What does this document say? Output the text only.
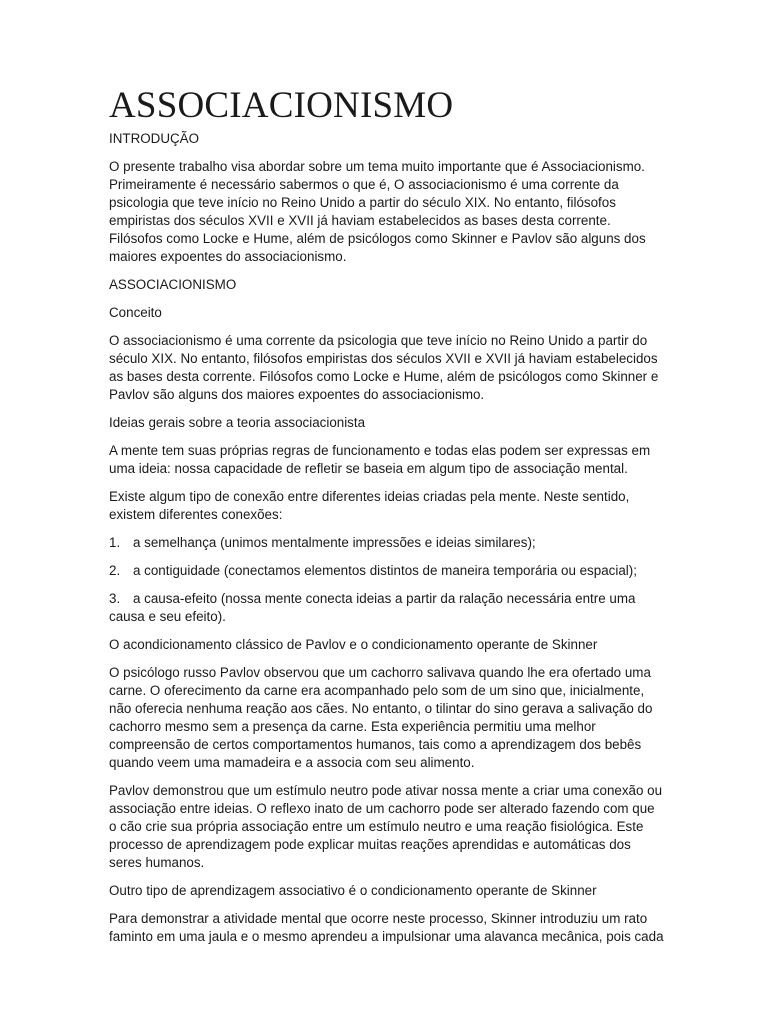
ASSOCIACIONISMO
INTRODUÇÃO

O presente trabalho visa abordar sobre um tema muito importante que é Associacionismo. Primeiramente é necessário sabermos o que é, O associacionismo é uma corrente da psicologia que teve início no Reino Unido a partir do século XIX. No entanto, filósofos empiristas dos séculos XVII e XVII já haviam estabelecidos as bases desta corrente. Filósofos como Locke e Hume, além de psicólogos como Skinner e Pavlov são alguns dos maiores expoentes do associacionismo.

ASSOCIACIONISMO
Conceito

O associacionismo é uma corrente da psicologia que teve início no Reino Unido a partir do século XIX. No entanto, filósofos empiristas dos séculos XVII e XVII já haviam estabelecidos as bases desta corrente. Filósofos como Locke e Hume, além de psicólogos como Skinner e Pavlov são alguns dos maiores expoentes do associacionismo.

Ideias gerais sobre a teoria associacionista

A mente tem suas próprias regras de funcionamento e todas elas podem ser expressas em uma ideia: nossa capacidade de refletir se baseia em algum tipo de associação mental.

Existe algum tipo de conexão entre diferentes ideias criadas pela mente. Neste sentido, existem diferentes conexões:

1. a semelhança (unimos mentalmente impressões e ideias similares);
2. a contiguidade (conectamos elementos distintos de maneira temporária ou espacial);
3. a causa-efeito (nossa mente conecta ideias a partir da ralação necessária entre uma causa e seu efeito).
O acondicionamento clássico de Pavlov e o condicionamento operante de Skinner

O psicólogo russo Pavlov observou que um cachorro salivava quando lhe era ofertado uma carne. O oferecimento da carne era acompanhado pelo som de um sino que, inicialmente, não oferecia nenhuma reação aos cães. No entanto, o tilintar do sino gerava a salivação do cachorro mesmo sem a presença da carne. Esta experiência permitiu uma melhor compreensão de certos comportamentos humanos, tais como a aprendizagem dos bebês quando veem uma mamadeira e a associa com seu alimento.

Pavlov demonstrou que um estímulo neutro pode ativar nossa mente a criar uma conexão ou associação entre ideias. O reflexo inato de um cachorro pode ser alterado fazendo com que o cão crie sua própria associação entre um estímulo neutro e uma reação fisiológica. Este processo de aprendizagem pode explicar muitas reações aprendidas e automáticas dos seres humanos.

Outro tipo de aprendizagem associativo é o condicionamento operante de Skinner

Para demonstrar a atividade mental que ocorre neste processo, Skinner introduziu um rato faminto em uma jaula e o mesmo aprendeu a impulsionar uma alavanca mecânica, pois cada
